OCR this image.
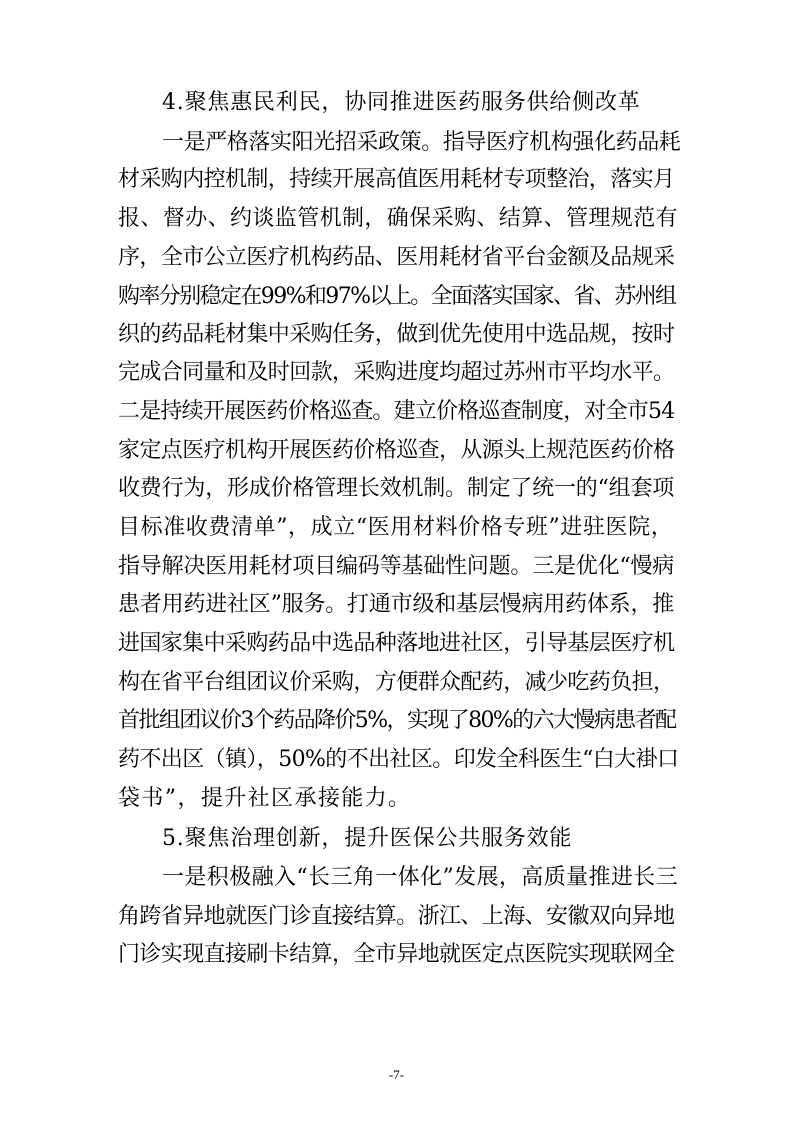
4.聚焦惠民利民，协同推进医药服务供给侧改革
一是严格落实阳光招采政策。指导医疗机构强化药品耗
材采购内控机制，持续开展高值医用耗材专项整治，落实月
报、督办、约谈监管机制，确保采购、结算、管理规范有
序，全市公立医疗机构药品、医用耗材省平台金额及品规采
购率分别稳定在99%和97%以上。全面落实国家、省、苏州组
织的药品耗材集中采购任务，做到优先使用中选品规，按时
完成合同量和及时回款，采购进度均超过苏州市平均水平。
二是持续开展医药价格巡查。建立价格巡查制度，对全市54
家定点医疗机构开展医药价格巡查，从源头上规范医药价格
收费行为，形成价格管理长效机制。制定了统一的“组套项
目标准收费清单”，成立“医用材料价格专班”进驻医院，
指导解决医用耗材项目编码等基础性问题。三是优化“慢病
患者用药进社区”服务。打通市级和基层慢病用药体系，推
进国家集中采购药品中选品种落地进社区，引导基层医疗机
构在省平台组团议价采购，方便群众配药，减少吃药负担，
首批组团议价3个药品降价5%，实现了80%的六大慢病患者配
药不出区（镇），50%的不出社区。印发全科医生“白大褂口
袋书”，提升社区承接能力。
5.聚焦治理创新，提升医保公共服务效能
一是积极融入“长三角一体化”发展，高质量推进长三
角跨省异地就医门诊直接结算。浙江、上海、安徽双向异地
门诊实现直接刷卡结算，全市异地就医定点医院实现联网全
-7-
